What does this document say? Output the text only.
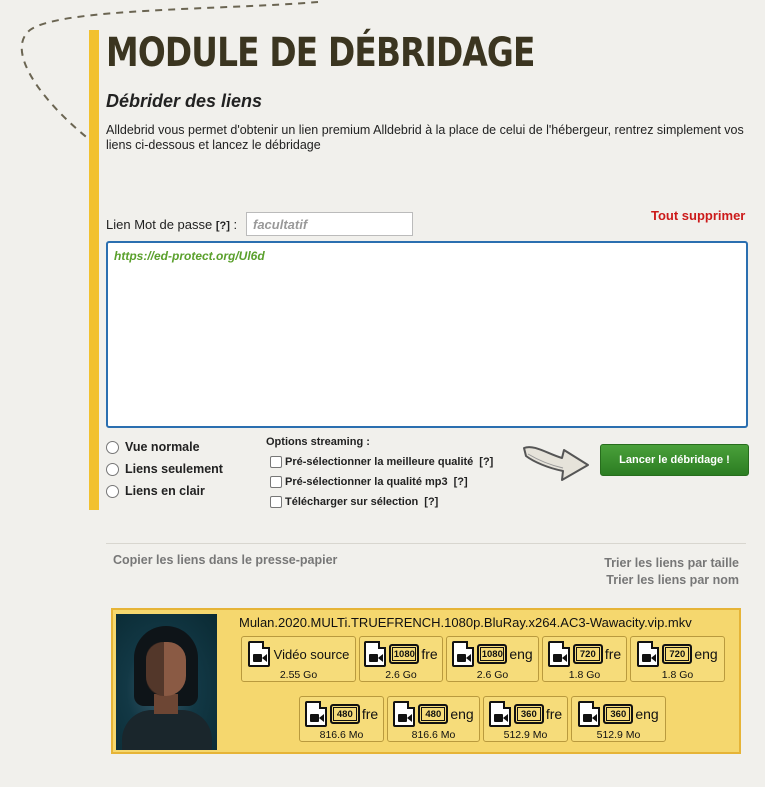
MODULE DE DÉBRIDAGE
Débrider des liens

Alldebrid vous permet d'obtenir un lien premium Alldebrid à la place de celui de l'hébergeur, rentrez simplement vos liens ci-dessous et lancez le débridage

Lien Mot de passe [?] :
facultatif
Tout supprimer
https://ed-protect.org/Ul6d
Vue normale
Liens seulement
Liens en clair
Options streaming :
Pré-sélectionner la meilleure qualité [?]
Pré-sélectionner la qualité mp3 [?]
Télécharger sur sélection [?]
Lancer le débridage !
Copier les liens dans le presse-papier	Trier les liens par taille
Trier les liens par nom
Mulan.2020.MULTi.TRUEFRENCH.1080p.BluRay.x264.AC3-Wawacity.vip.mkv
Vidéo source
2.55 Go
1080 fre
2.6 Go
1080 eng
2.6 Go
720 fre
1.8 Go
720 eng
1.8 Go
480 fre
816.6 Mo
480 eng
816.6 Mo
360 fre
512.9 Mo
360 eng
512.9 Mo
